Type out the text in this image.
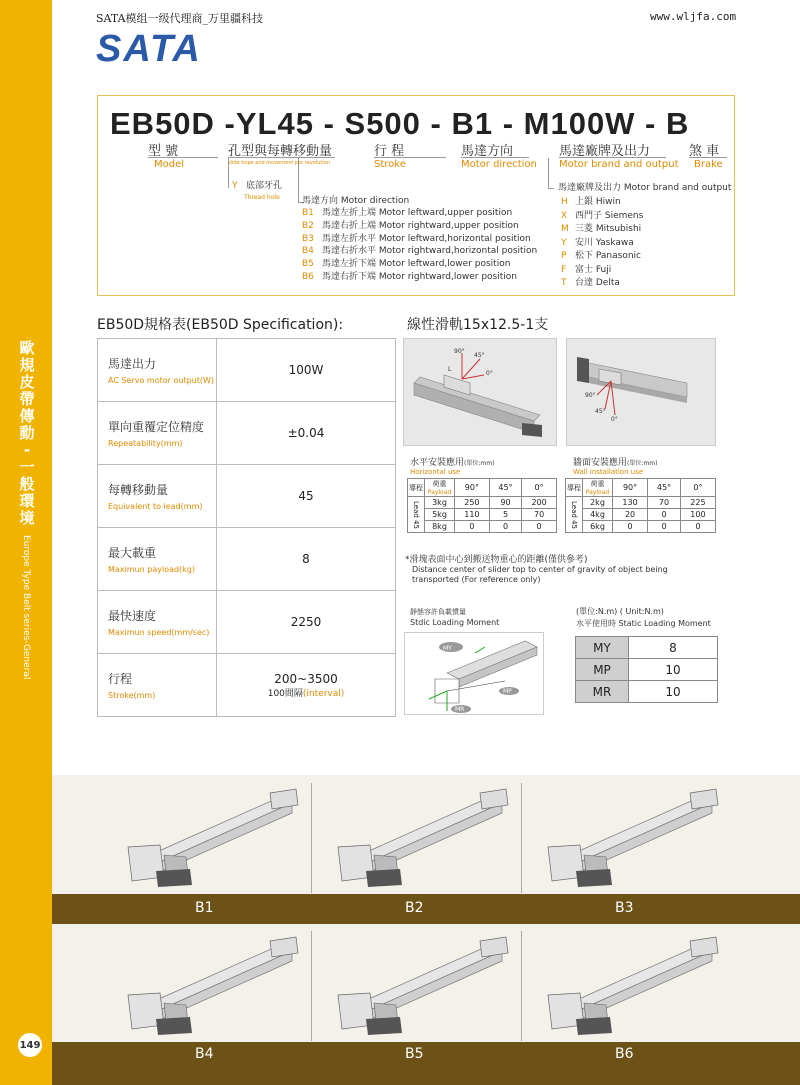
歐
規
皮
帶
傳
動
-
一
般
環
境
Europe Type Belt series-General
149
SATA模组一级代理商_万里疆科技	www.wljfa.com
SATA
EB50D -YL45 - S500 - B1 - M100W - B
型 號
Model
孔型與每轉移動量
slide hope and movement per revolution
行 程
Stroke
馬達方向
Motor direction
馬達廠牌及出力
Motor brand and output
煞 車
Brake
Y 底部牙孔
Thread hole 馬達方向 Motor direction
B1 馬達左折上端 Motor leftward,upper position
B2 馬達右折上端 Motor rightward,upper position
B3 馬達左折水平 Motor leftward,horizontal position
B4 馬達右折水平 Motor rightward,horizontal position
B5 馬達左折下端 Motor leftward,lower position
B6 馬達右折下端 Motor rightward,lower position
馬達廠牌及出力 Motor brand and output
H 上銀 Hiwin
X 西門子 Siemens
M 三菱 Mitsubishi
Y 安川 Yaskawa
P 松下 Panasonic
F 富士 Fuji
T 台達 Delta
EB50D規格表(EB50D Specification):
馬達出力
AC Servo motor output(W)	100W

單向重覆定位精度
Repeatability(mm)	±0.04

每轉移動量
Equivalent to lead(mm)	45

最大載重
Maximun payload(kg)	8

最快速度
Maximun speed(mm/sec)	2250

行程
Stroke(mm)	200~3500
100間隔(interval)
線性滑軌15x12.5-1支
90°
45°
0°
L
90°
45°
0°
水平安裝應用(單位:mm)
Horizontal use
導程	荷重
Payload	90°	45°	0°
Lead 45	3kg	250	90	200
	5kg	110	5	70
	8kg	0	0	0
牆面安裝應用(單位:mm)
Wall installation use
導程	荷重
Payload	90°	45°	0°
Lead 45	2kg	130	70	225
	4kg	20	0	100
	6kg	0	0	0
*滑塊表面中心到搬送物重心的距離(僅供參考)
Distance center of slider top to center of gravity of object being
transported (For reference only)
靜態容許負載慣量
Stdic Loading Moment
MY
MP
MR
(單位:N.m) ( Unit:N.m)
水平使用時 Static Loading Moment
MY	8
MP	10
MR	10
B1	B2	B3
B4	B5	B6
